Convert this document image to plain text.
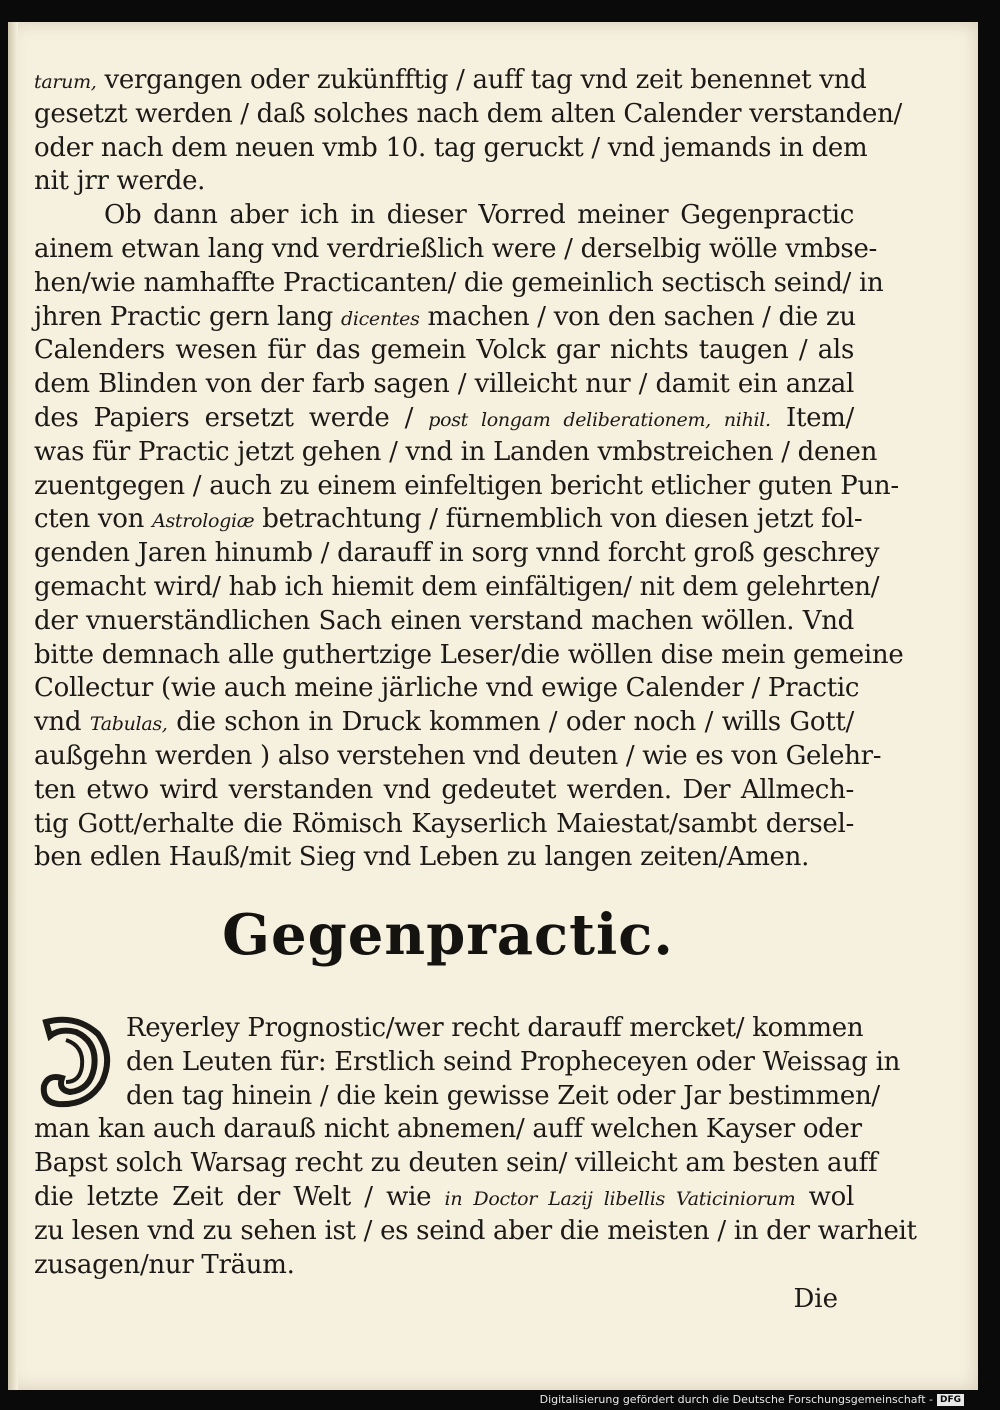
tarum, vergangen oder zukünfftig / auff tag vnd zeit benennet vnd
gesetzt werden / daß solches nach dem alten Calender verstanden/
oder nach dem neuen vmb 10. tag geruckt / vnd jemands in dem
nit jrr werde.
Ob dann aber ich in dieser Vorred meiner Gegenpractic
ainem etwan lang vnd verdrießlich were / derselbig wölle vmbse-
hen/wie namhaffte Practicanten/ die gemeinlich sectisch seind/ in
jhren Practic gern lang dicentes machen / von den sachen / die zu
Calenders wesen für das gemein Volck gar nichts taugen / als
dem Blinden von der farb sagen / villeicht nur / damit ein anzal
des Papiers ersetzt werde / post longam deliberationem, nihil. Item/
was für Practic jetzt gehen / vnd in Landen vmbstreichen / denen
zuentgegen / auch zu einem einfeltigen bericht etlicher guten Pun-
cten von Astrologiæ betrachtung / fürnemblich von diesen jetzt fol-
genden Jaren hinumb / darauff in sorg vnnd forcht groß geschrey
gemacht wird/ hab ich hiemit dem einfältigen/ nit dem gelehrten/
der vnuerständlichen Sach einen verstand machen wöllen. Vnd
bitte demnach alle guthertzige Leser/die wöllen dise mein gemeine
Collectur (wie auch meine järliche vnd ewige Calender / Practic
vnd Tabulas, die schon in Druck kommen / oder noch / wills Gott/
außgehn werden ) also verstehen vnd deuten / wie es von Gelehr-
ten etwo wird verstanden vnd gedeutet werden. Der Allmech-
tig Gott/erhalte die Römisch Kayserlich Maiestat/sambt dersel-
ben edlen Hauß/mit Sieg vnd Leben zu langen zeiten/Amen.
Gegenpractic.
Reyerley Prognostic/wer recht darauff mercket/ kommen
den Leuten für: Erstlich seind Propheceyen oder Weissag in
den tag hinein / die kein gewisse Zeit oder Jar bestimmen/
man kan auch darauß nicht abnemen/ auff welchen Kayser oder
Bapst solch Warsag recht zu deuten sein/ villeicht am besten auff
die letzte Zeit der Welt / wie in Doctor Lazij libellis Vaticiniorum wol
zu lesen vnd zu sehen ist / es seind aber die meisten / in der warheit
zusagen/nur Träum.
Die
Digitalisierung gefördert durch die Deutsche Forschungsgemeinschaft - DFG
